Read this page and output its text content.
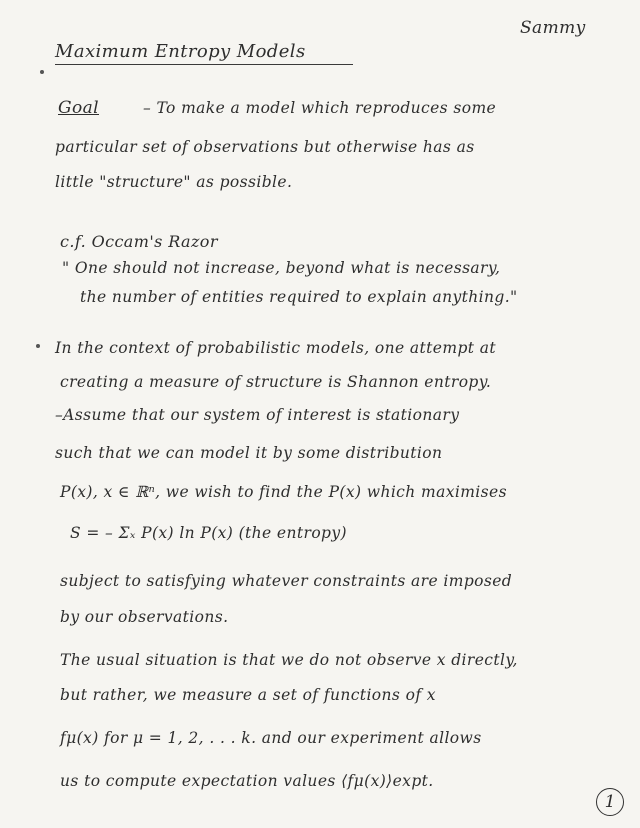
Sammy
Maximum Entropy Models
Goal	– To make a model which reproduces some
particular set of observations but otherwise has as
little "structure" as possible.
c.f. Occam's Razor
" One should not increase, beyond what is necessary,
the number of entities required to explain anything."
In the context of probabilistic models, one attempt at
creating a measure of structure is Shannon entropy.
–Assume that our system of interest is stationary
such that we can model it by some distribution
P(x), x ∈ ℝⁿ, we wish to find the P(x) which maximises
S = – Σₓ P(x) ln P(x) (the entropy)
subject to satisfying whatever constraints are imposed
by our observations.
The usual situation is that we do not observe x directly,
but rather, we measure a set of functions of x
fμ(x) for μ = 1, 2, . . . k. and our experiment allows
us to compute expectation values ⟨fμ(x)⟩expt.
1
